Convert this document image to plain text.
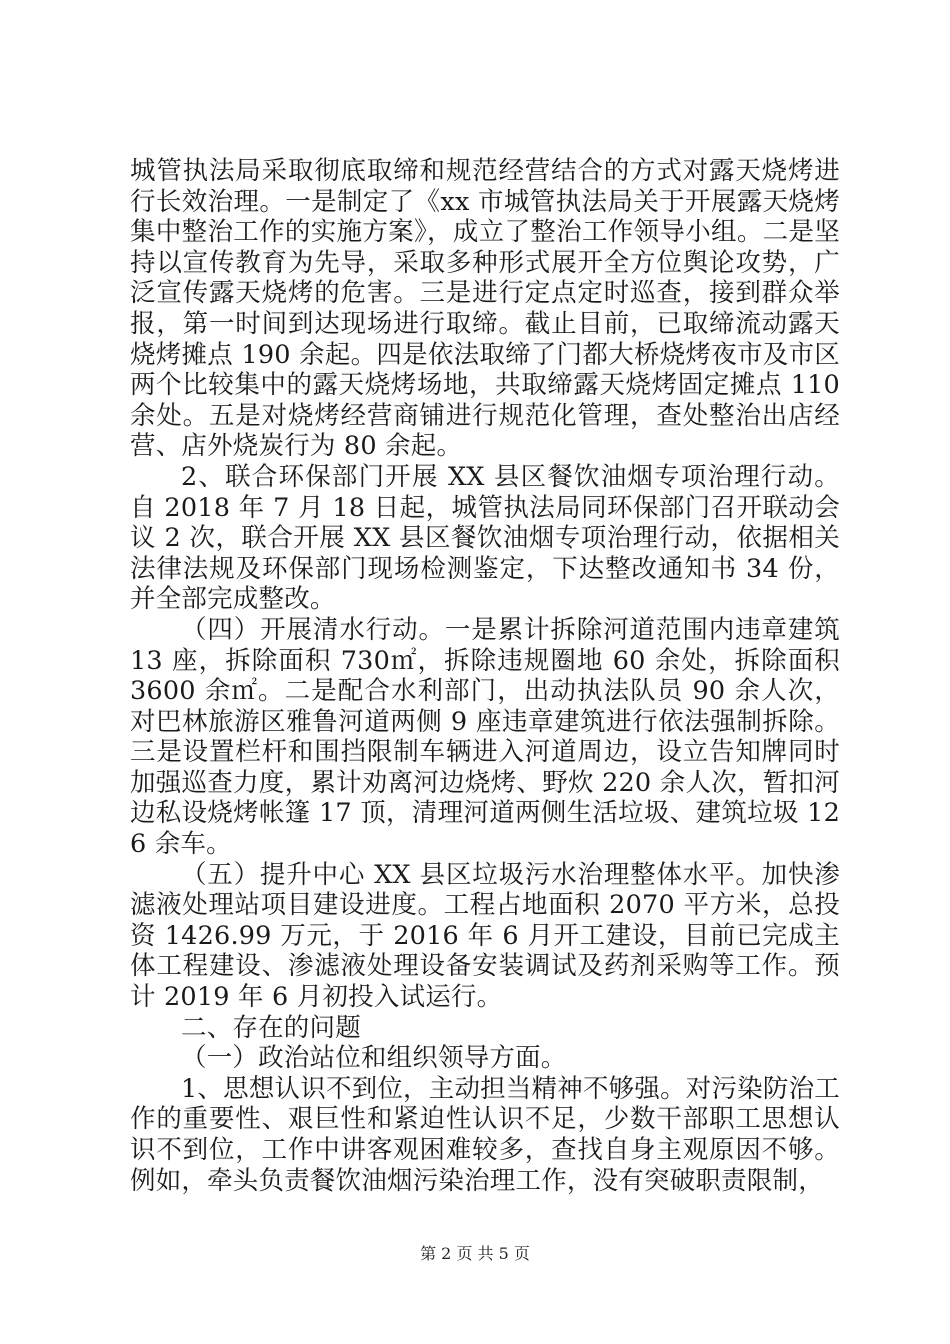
城管执法局采取彻底取缔和规范经营结合的方式对露天烧烤进行长效治理。一是制定了《xx 市城管执法局关于开展露天烧烤集中整治工作的实施方案》，成立了整治工作领导小组。二是坚持以宣传教育为先导，采取多种形式展开全方位舆论攻势，广泛宣传露天烧烤的危害。三是进行定点定时巡查，接到群众举报，第一时间到达现场进行取缔。截止目前，已取缔流动露天烧烤摊点 190 余起。四是依法取缔了门都大桥烧烤夜市及市区两个比较集中的露天烧烤场地，共取缔露天烧烤固定摊点 110 余处。五是对烧烤经营商铺进行规范化管理，查处整治出店经营、店外烧炭行为 80 余起。

2、联合环保部门开展 XX 县区餐饮油烟专项治理行动。自 2018 年 7 月 18 日起，城管执法局同环保部门召开联动会议 2 次，联合开展 XX 县区餐饮油烟专项治理行动，依据相关法律法规及环保部门现场检测鉴定，下达整改通知书 34 份，并全部完成整改。

（四）开展清水行动。一是累计拆除河道范围内违章建筑 13 座，拆除面积 730㎡，拆除违规圈地 60 余处，拆除面积 3600 余㎡。二是配合水利部门，出动执法队员 90 余人次，对巴林旅游区雅鲁河道两侧 9 座违章建筑进行依法强制拆除。三是设置栏杆和围挡限制车辆进入河道周边，设立告知牌同时加强巡查力度，累计劝离河边烧烤、野炊 220 余人次，暂扣河边私设烧烤帐篷 17 顶，清理河道两侧生活垃圾、建筑垃圾 126 余车。

（五）提升中心 XX 县区垃圾污水治理整体水平。加快渗滤液处理站项目建设进度。工程占地面积 2070 平方米，总投资 1426.99 万元，于 2016 年 6 月开工建设，目前已完成主体工程建设、渗滤液处理设备安装调试及药剂采购等工作。预计 2019 年 6 月初投入试运行。

二、存在的问题

（一）政治站位和组织领导方面。

1、思想认识不到位，主动担当精神不够强。对污染防治工作的重要性、艰巨性和紧迫性认识不足，少数干部职工思想认识不到位，工作中讲客观困难较多，查找自身主观原因不够。例如，牵头负责餐饮油烟污染治理工作，没有突破职责限制，

第 2 页 共 5 页
